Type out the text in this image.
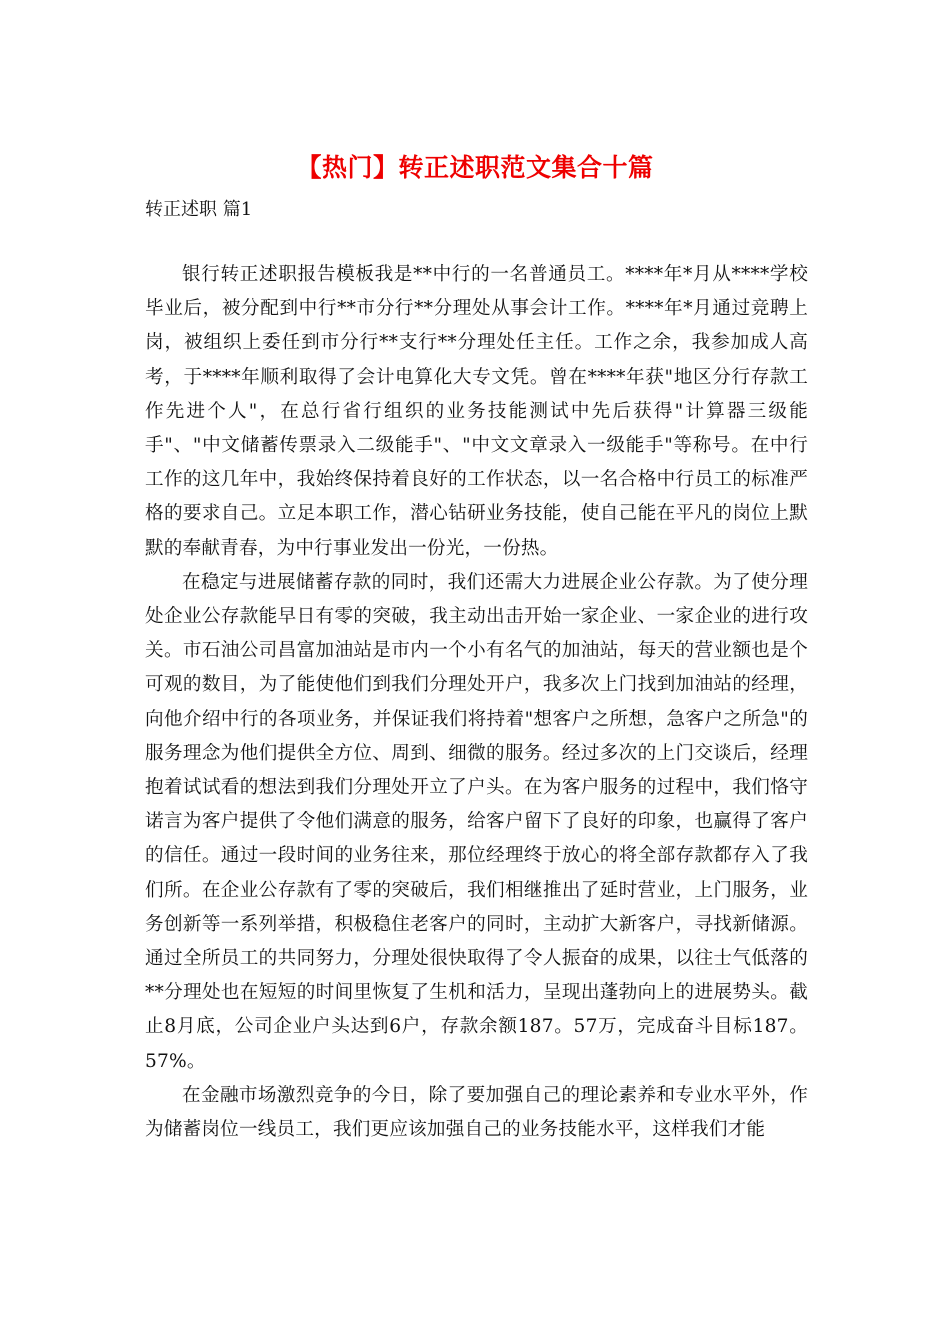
【热门】转正述职范文集合十篇
转正述职 篇1

银行转正述职报告模板我是**中行的一名普通员工。****年*月从****学校毕业后，被分配到中行**市分行**分理处从事会计工作。****年*月通过竞聘上岗，被组织上委任到市分行**支行**分理处任主任。工作之余，我参加成人高考，于****年顺利取得了会计电算化大专文凭。曾在****年获"地区分行存款工作先进个人"，在总行省行组织的业务技能测试中先后获得"计算器三级能手"、"中文储蓄传票录入二级能手"、"中文文章录入一级能手"等称号。在中行工作的这几年中，我始终保持着良好的工作状态，以一名合格中行员工的标准严格的要求自己。立足本职工作，潜心钻研业务技能，使自己能在平凡的岗位上默默的奉献青春，为中行事业发出一份光，一份热。

在稳定与进展储蓄存款的同时，我们还需大力进展企业公存款。为了使分理处企业公存款能早日有零的突破，我主动出击开始一家企业、一家企业的进行攻关。市石油公司昌富加油站是市内一个小有名气的加油站，每天的营业额也是个可观的数目，为了能使他们到我们分理处开户，我多次上门找到加油站的经理，向他介绍中行的各项业务，并保证我们将持着"想客户之所想，急客户之所急"的服务理念为他们提供全方位、周到、细微的服务。经过多次的上门交谈后，经理抱着试试看的想法到我们分理处开立了户头。在为客户服务的过程中，我们恪守诺言为客户提供了令他们满意的服务，给客户留下了良好的印象，也赢得了客户的信任。通过一段时间的业务往来，那位经理终于放心的将全部存款都存入了我们所。在企业公存款有了零的突破后，我们相继推出了延时营业，上门服务，业务创新等一系列举措，积极稳住老客户的同时，主动扩大新客户，寻找新储源。通过全所员工的共同努力，分理处很快取得了令人振奋的成果，以往士气低落的**分理处也在短短的时间里恢复了生机和活力，呈现出蓬勃向上的进展势头。截止8月底，公司企业户头达到6户，存款余额187。57万，完成奋斗目标187。57%。

在金融市场激烈竞争的今日，除了要加强自己的理论素养和专业水平外，作为储蓄岗位一线员工，我们更应该加强自己的业务技能水平，这样我们才能
